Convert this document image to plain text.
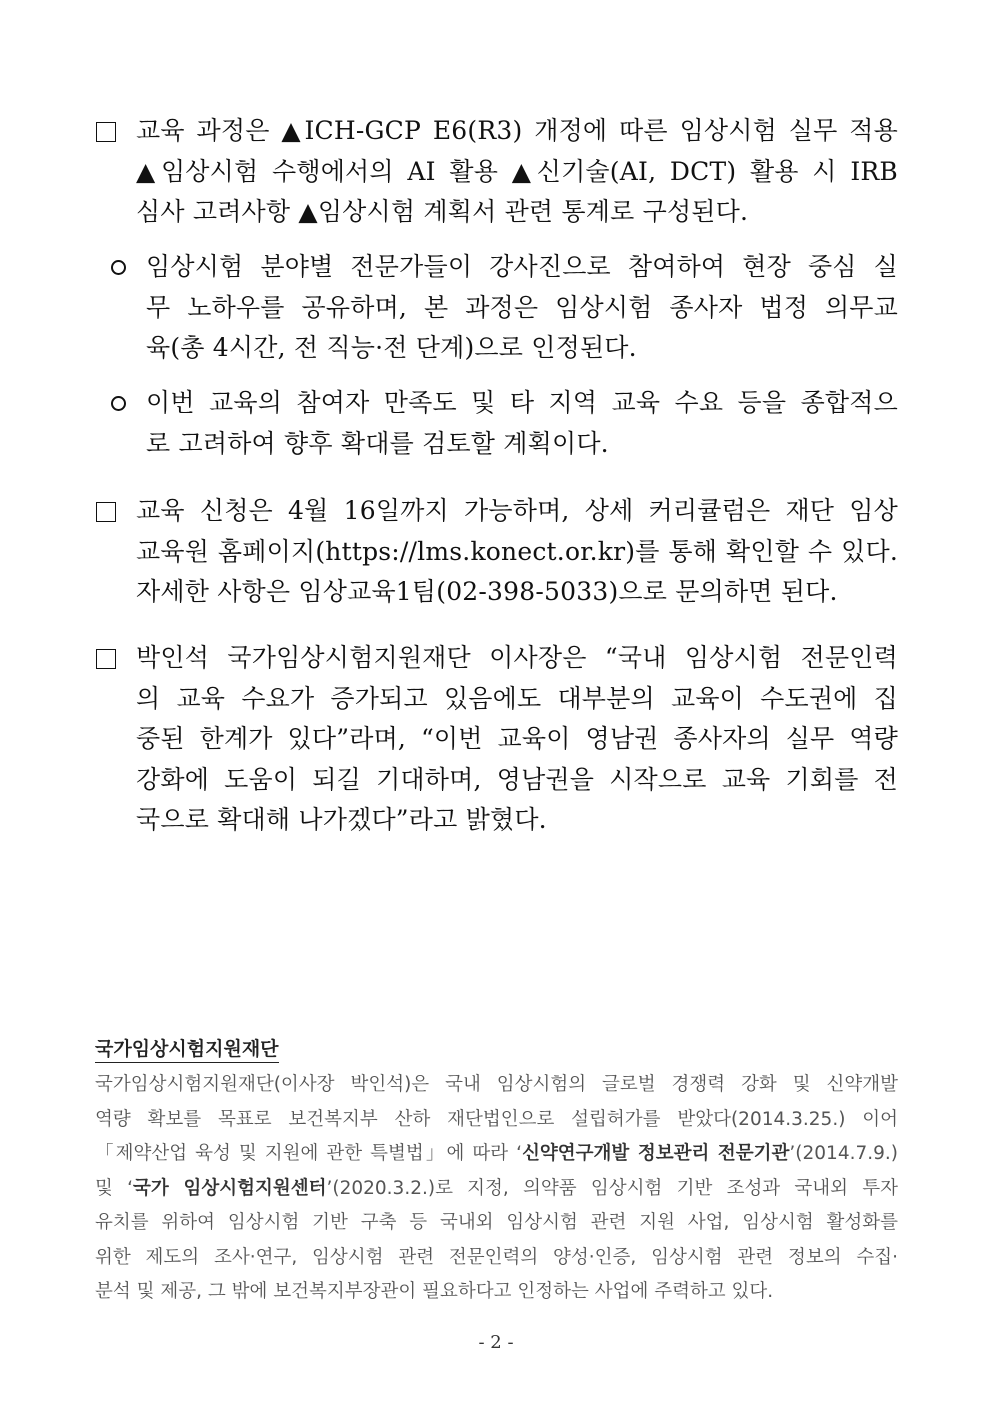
교육 과정은 ▲ICH-GCP E6(R3) 개정에 따른 임상시험 실무 적용
▲임상시험 수행에서의 AI 활용 ▲신기술(AI, DCT) 활용 시 IRB
심사 고려사항 ▲임상시험 계획서 관련 통계로 구성된다.
임상시험 분야별 전문가들이 강사진으로 참여하여 현장 중심 실
무 노하우를 공유하며, 본 과정은 임상시험 종사자 법정 의무교
육(총 4시간, 전 직능·전 단계)으로 인정된다.
이번 교육의 참여자 만족도 및 타 지역 교육 수요 등을 종합적으
로 고려하여 향후 확대를 검토할 계획이다.
교육 신청은 4월 16일까지 가능하며, 상세 커리큘럼은 재단 임상
교육원 홈페이지(https://lms.konect.or.kr)를 통해 확인할 수 있다.
자세한 사항은 임상교육1팀(02-398-5033)으로 문의하면 된다.
박인석 국가임상시험지원재단 이사장은 “국내 임상시험 전문인력
의 교육 수요가 증가되고 있음에도 대부분의 교육이 수도권에 집
중된 한계가 있다”라며, “이번 교육이 영남권 종사자의 실무 역량
강화에 도움이 되길 기대하며, 영남권을 시작으로 교육 기회를 전
국으로 확대해 나가겠다”라고 밝혔다.
국가임상시험지원재단
국가임상시험지원재단(이사장 박인석)은 국내 임상시험의 글로벌 경쟁력 강화 및 신약개발
역량 확보를 목표로 보건복지부 산하 재단법인으로 설립허가를 받았다(2014.3.25.) 이어
「제약산업 육성 및 지원에 관한 특별법」에 따라 ‘신약연구개발 정보관리 전문기관’(2014.7.9.)
및 ‘국가 임상시험지원센터’(2020.3.2.)로 지정, 의약품 임상시험 기반 조성과 국내외 투자
유치를 위하여 임상시험 기반 구축 등 국내외 임상시험 관련 지원 사업, 임상시험 활성화를
위한 제도의 조사·연구, 임상시험 관련 전문인력의 양성·인증, 임상시험 관련 정보의 수집·
분석 및 제공, 그 밖에 보건복지부장관이 필요하다고 인정하는 사업에 주력하고 있다.
- 2 -
